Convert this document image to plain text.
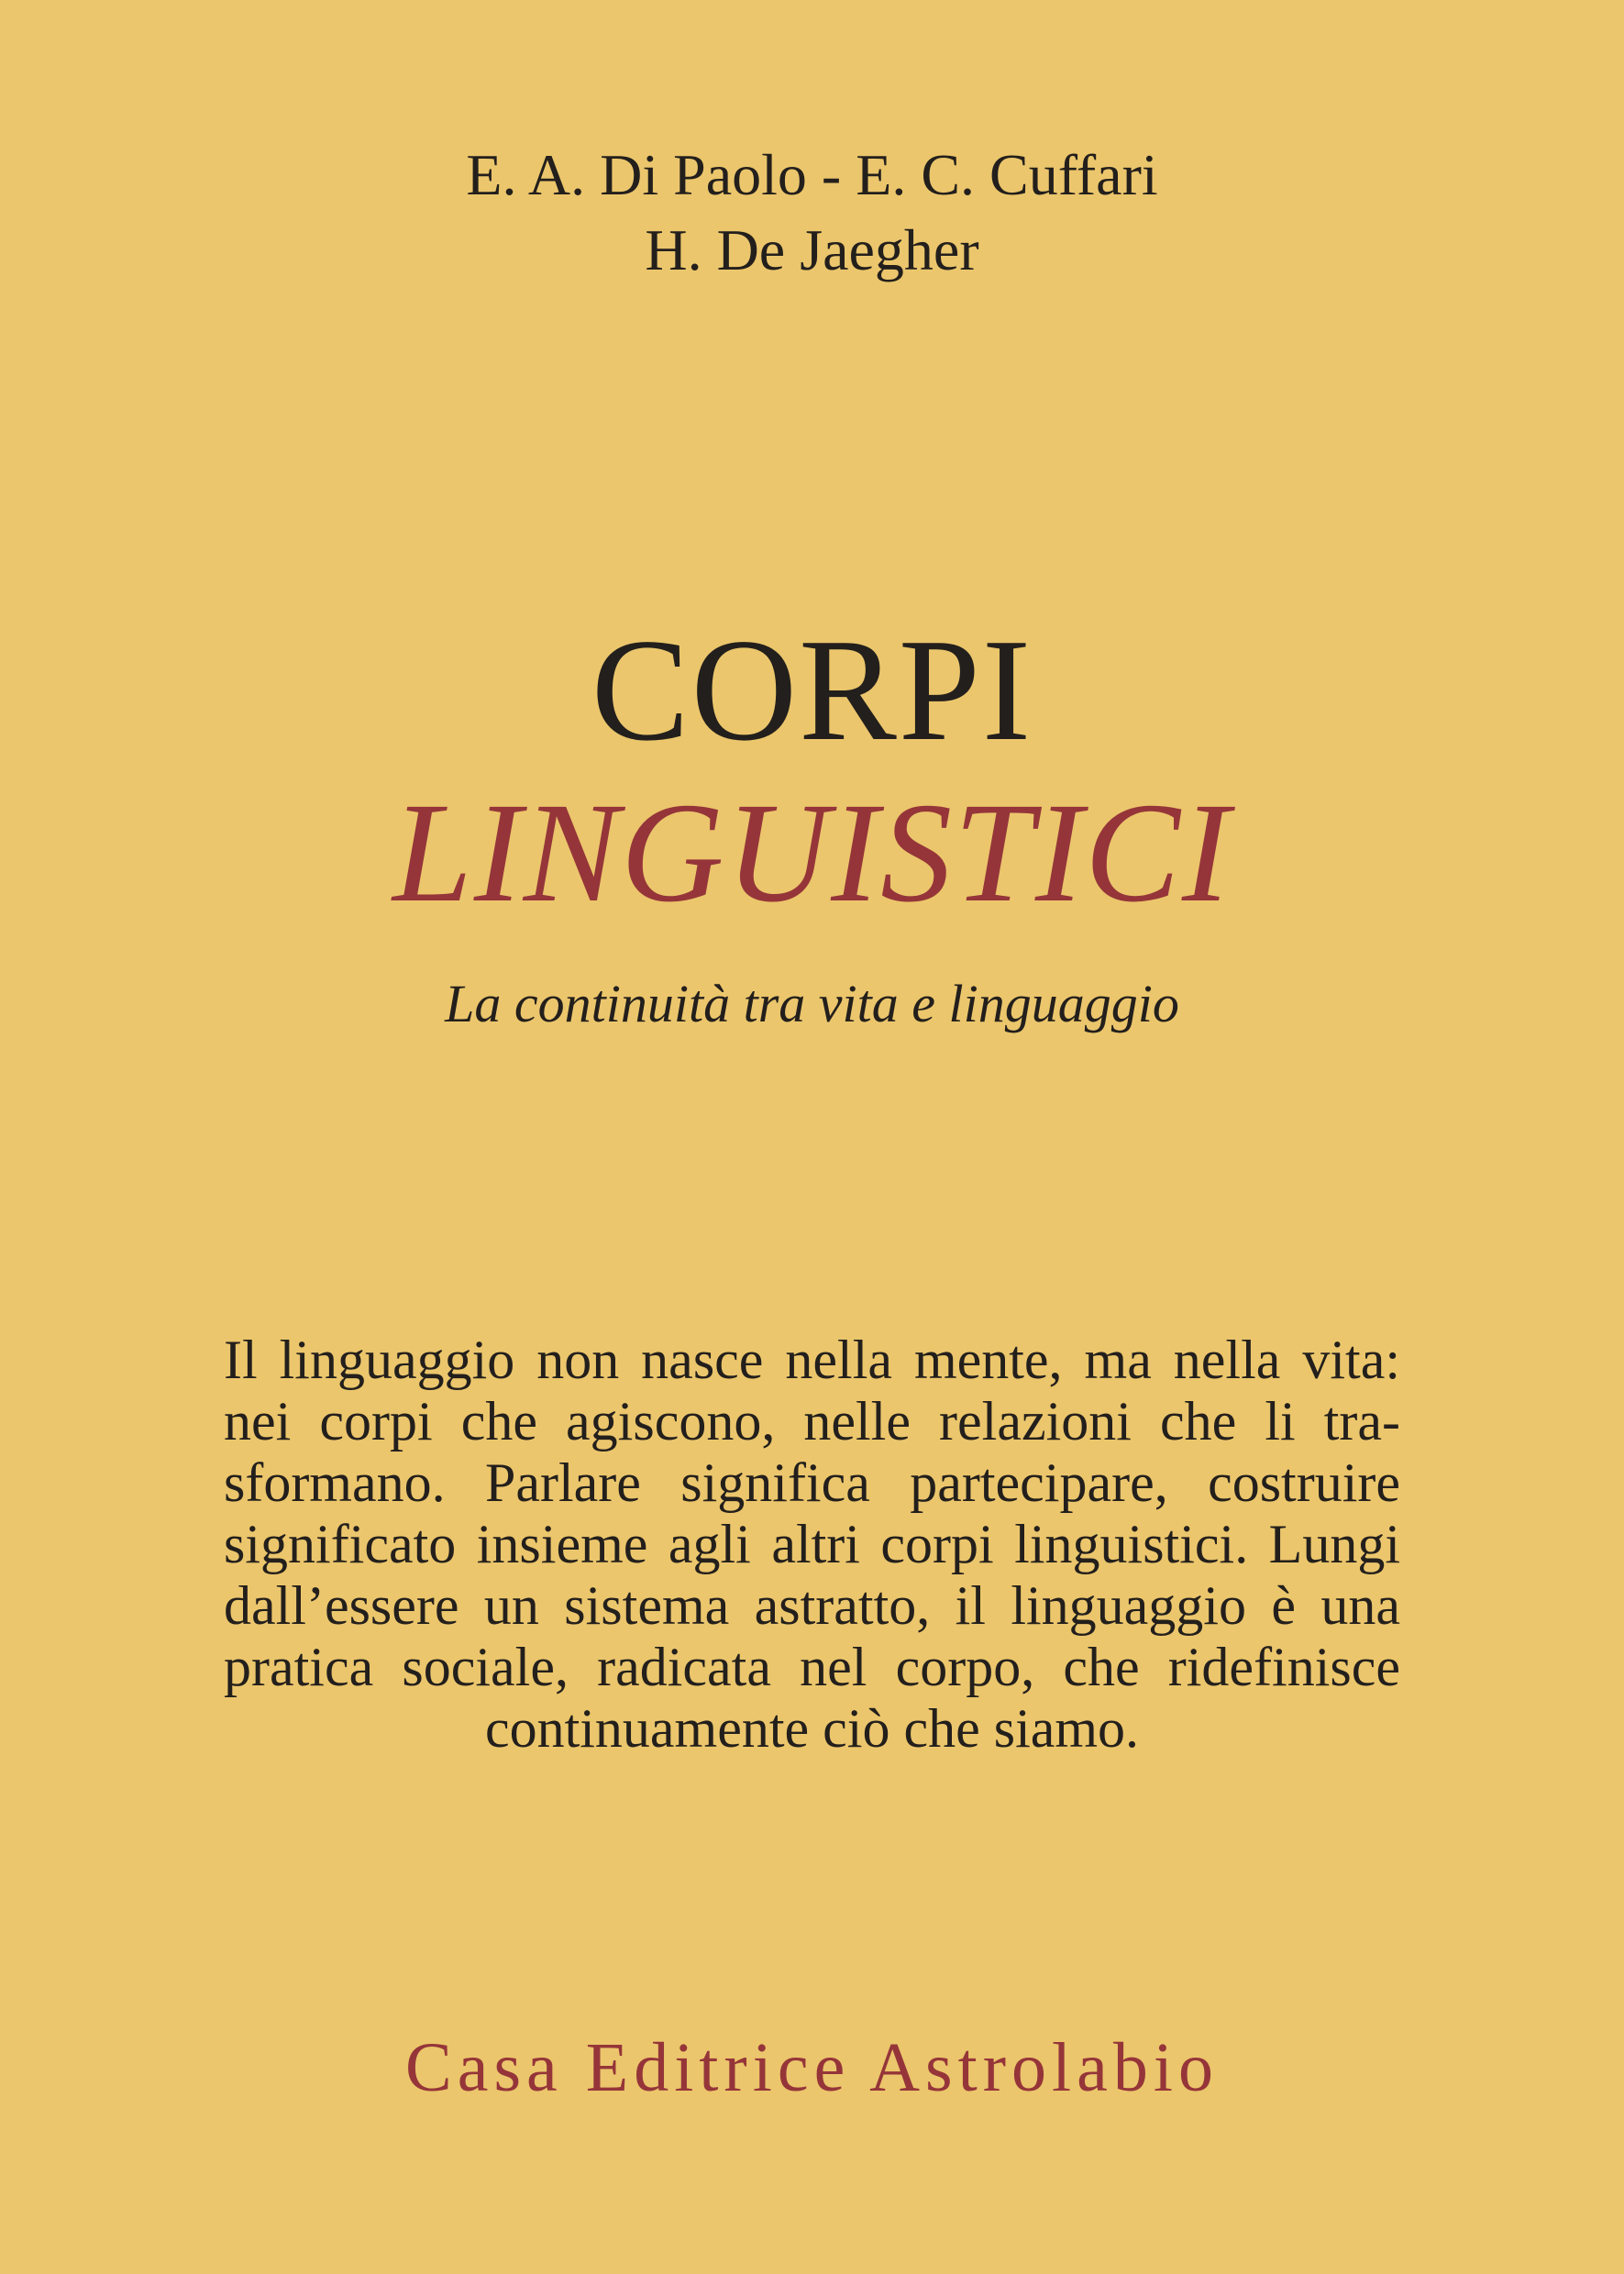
E. A. Di Paolo - E. C. Cuffari
H. De Jaegher
CORPI
LINGUISTICI
La continuità tra vita e linguaggio
Il linguaggio non nasce nella mente, ma nella vita:
nei corpi che agiscono, nelle relazioni che li tra-
sformano. Parlare significa partecipare, costruire
significato insieme agli altri corpi linguistici. Lungi
dall’essere un sistema astratto, il linguaggio è una
pratica sociale, radicata nel corpo, che ridefinisce
continuamente ciò che siamo.
Casa Editrice Astrolabio
